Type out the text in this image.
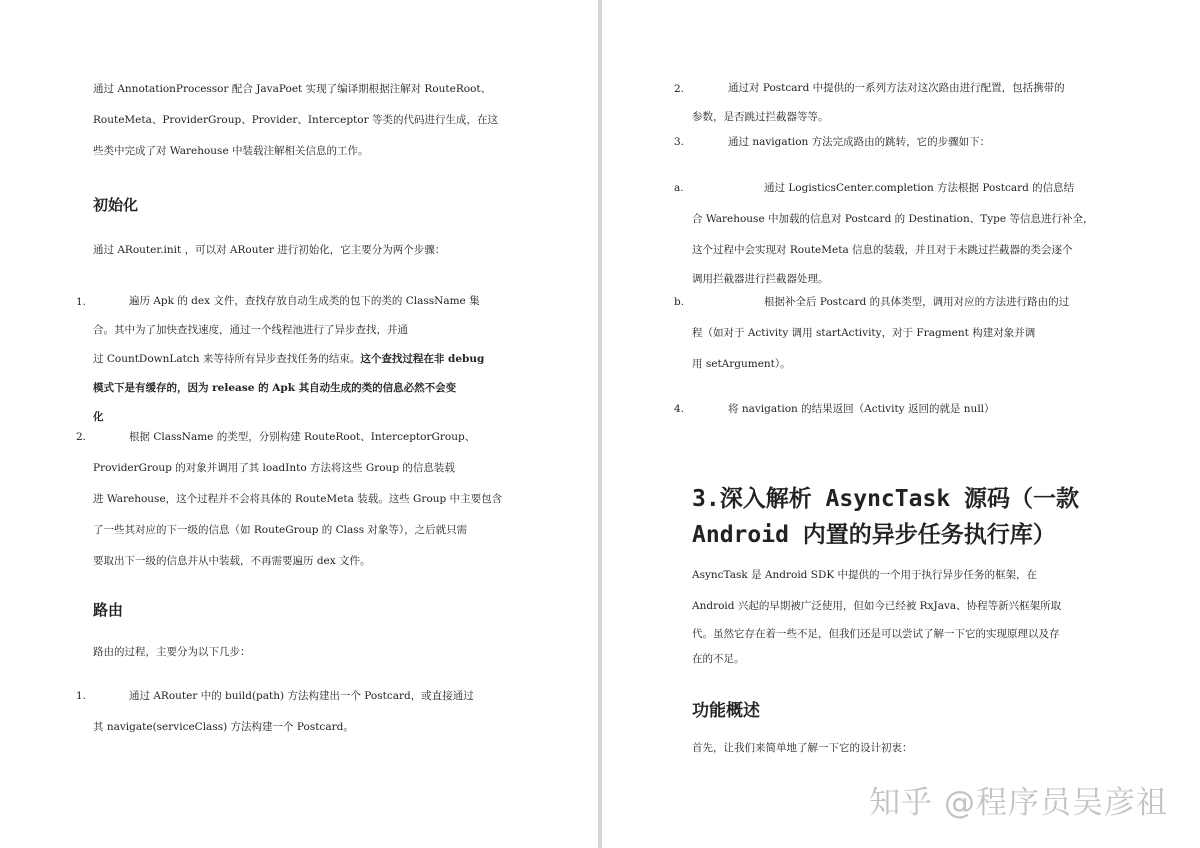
通过 AnnotationProcessor 配合 JavaPoet 实现了编译期根据注解对 RouteRoot、
RouteMeta、ProviderGroup、Provider、Interceptor 等类的代码进行生成，在这
些类中完成了对 Warehouse 中装载注解相关信息的工作。
初始化
通过 ARouter.init ，可以对 ARouter 进行初始化，它主要分为两个步骤：
1.	遍历 Apk 的 dex 文件，查找存放自动生成类的包下的类的 ClassName 集
合。其中为了加快查找速度，通过一个线程池进行了异步查找，并通
过 CountDownLatch 来等待所有异步查找任务的结束。这个查找过程在非 debug
模式下是有缓存的，因为 release 的 Apk 其自动生成的类的信息必然不会变
化
2.	根据 ClassName 的类型，分别构建 RouteRoot、InterceptorGroup、
ProviderGroup 的对象并调用了其 loadInto 方法将这些 Group 的信息装载
进 Warehouse，这个过程并不会将具体的 RouteMeta 装载。这些 Group 中主要包含
了一些其对应的下一级的信息（如 RouteGroup 的 Class 对象等），之后就只需
要取出下一级的信息并从中装载，不再需要遍历 dex 文件。
路由
路由的过程，主要分为以下几步：
1.	通过 ARouter 中的 build(path) 方法构建出一个 Postcard，或直接通过
其 navigate(serviceClass) 方法构建一个 Postcard。
2.	通过对 Postcard 中提供的一系列方法对这次路由进行配置，包括携带的
参数，是否跳过拦截器等等。
3.	通过 navigation 方法完成路由的跳转，它的步骤如下：
a.	通过 LogisticsCenter.completion 方法根据 Postcard 的信息结
合 Warehouse 中加载的信息对 Postcard 的 Destination、Type 等信息进行补全，
这个过程中会实现对 RouteMeta 信息的装载，并且对于未跳过拦截器的类会逐个
调用拦截器进行拦截器处理。
b.	根据补全后 Postcard 的具体类型，调用对应的方法进行路由的过
程（如对于 Activity 调用 startActivity，对于 Fragment 构建对象并调
用 setArgument）。
4.	将 navigation 的结果返回（Activity 返回的就是 null）
3.深入解析 AsyncTask 源码（一款
Android 内置的异步任务执行库）
AsyncTask 是 Android SDK 中提供的一个用于执行异步任务的框架，在
Android 兴起的早期被广泛使用，但如今已经被 RxJava、协程等新兴框架所取
代。虽然它存在着一些不足，但我们还是可以尝试了解一下它的实现原理以及存
在的不足。
功能概述
首先，让我们来简单地了解一下它的设计初衷：
知乎 @程序员吴彦祖
